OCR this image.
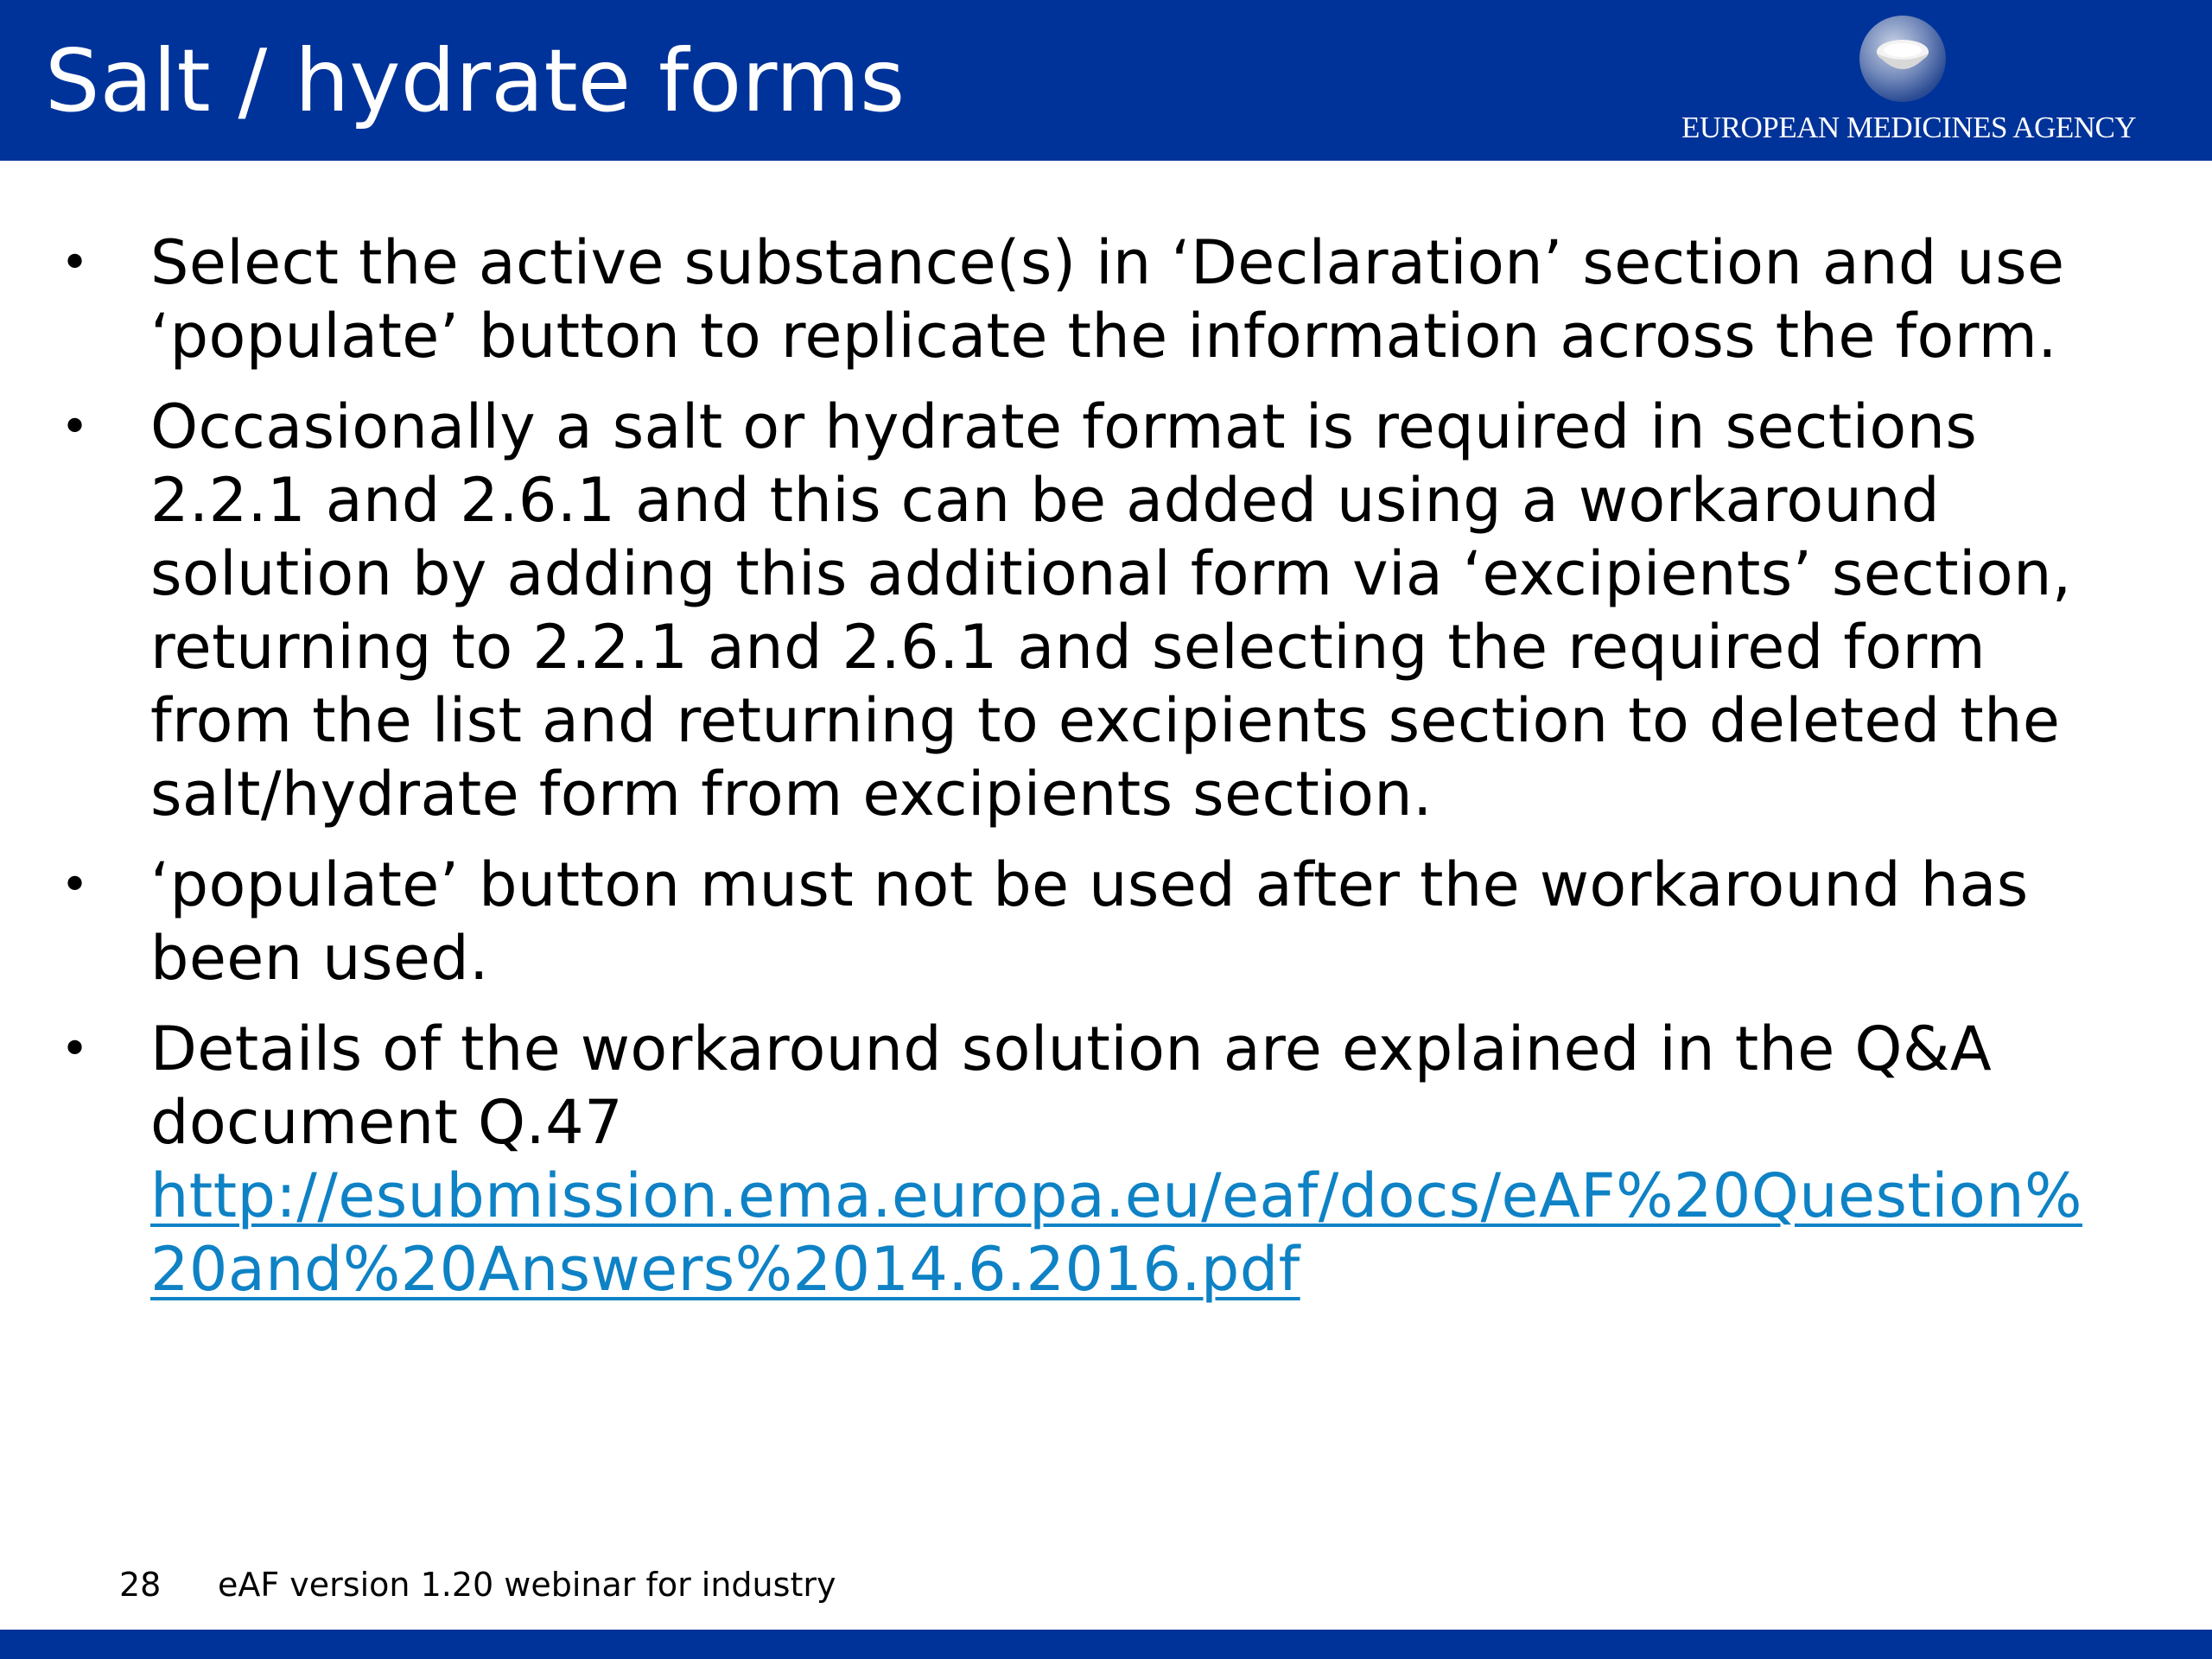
Salt / hydrate forms	EUROPEAN MEDICINES AGENCY
• Select the active substance(s) in ‘Declaration’ section and use ‘populate’ button to replicate the information across the form.
• Occasionally a salt or hydrate format is required in sections 2.2.1 and 2.6.1 and this can be added using a workaround solution by adding this additional form via ‘excipients’ section, returning to 2.2.1 and 2.6.1 and selecting the required form from the list and returning to excipients section to deleted the salt/hydrate form from excipients section.
• ‘populate’ button must not be used after the workaround has been used.
• Details of the workaround solution are explained in the Q&A document Q.47
http://esubmission.ema.europa.eu/eaf/docs/eAF%20Question%20and%20Answers%2014.6.2016.pdf
28 eAF version 1.20 webinar for industry
